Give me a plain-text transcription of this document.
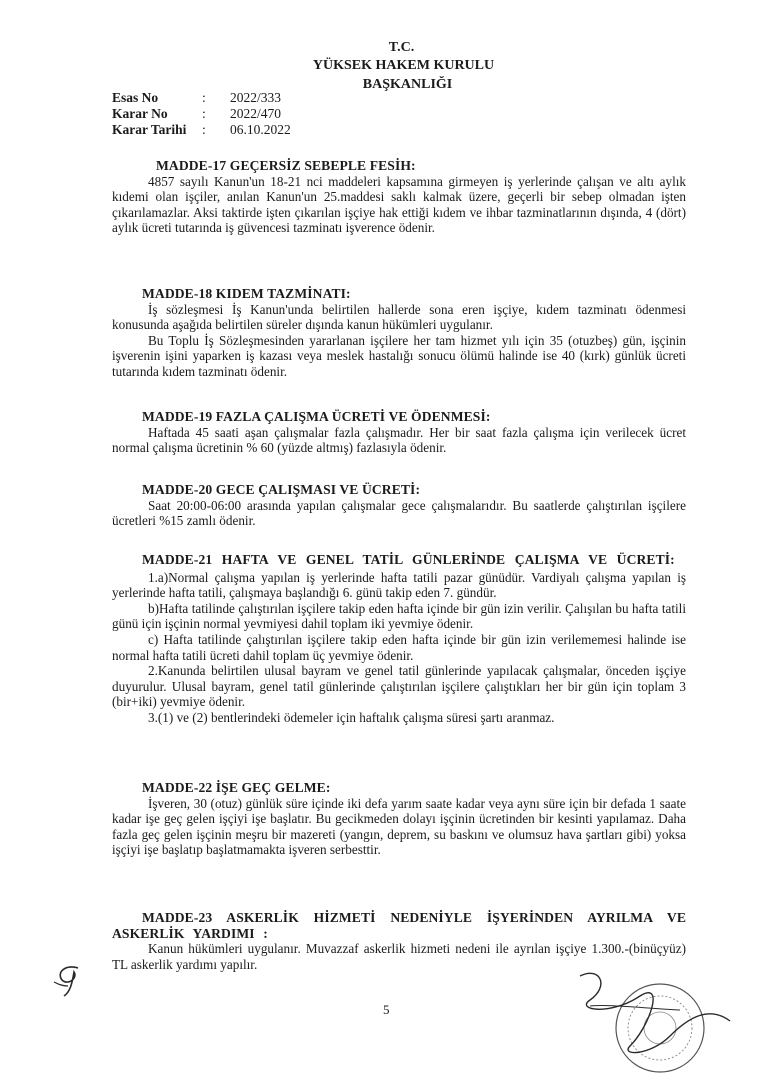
T.C.
YÜKSEK HAKEM KURULU
BAŞKANLIĞI
Esas No	:	2022/333
Karar No	:	2022/470
Karar Tarihi	:	06.10.2022
MADDE-17 GEÇERSİZ SEBEPLE FESİH:

4857 sayılı Kanun'un 18-21 nci maddeleri kapsamına girmeyen iş yerlerinde çalışan ve altı aylık kıdemi olan işçiler, anılan Kanun'un 25.maddesi saklı kalmak üzere, geçerli bir sebep olmadan işten çıkarılamazlar. Aksi taktirde işten çıkarılan işçiye hak ettiği kıdem ve ihbar tazminatlarının dışında, 4 (dört) aylık ücreti tutarında iş güvencesi tazminatı işverence ödenir.

MADDE-18 KIDEM TAZMİNATI:

İş sözleşmesi İş Kanun'unda belirtilen hallerde sona eren işçiye, kıdem tazminatı ödenmesi konusunda aşağıda belirtilen süreler dışında kanun hükümleri uygulanır.

Bu Toplu İş Sözleşmesinden yararlanan işçilere her tam hizmet yılı için 35 (otuzbeş) gün, işçinin işverenin işini yaparken iş kazası veya meslek hastalığı sonucu ölümü halinde ise 40 (kırk) günlük ücreti tutarında kıdem tazminatı ödenir.

MADDE-19 FAZLA ÇALIŞMA ÜCRETİ VE ÖDENMESİ:

Haftada 45 saati aşan çalışmalar fazla çalışmadır. Her bir saat fazla çalışma için verilecek ücret normal çalışma ücretinin % 60 (yüzde altmış) fazlasıyla ödenir.

MADDE-20 GECE ÇALIŞMASI VE ÜCRETİ:

Saat 20:00-06:00 arasında yapılan çalışmalar gece çalışmalarıdır. Bu saatlerde çalıştırılan işçilere ücretleri %15 zamlı ödenir.

MADDE-21 HAFTA VE GENEL TATİL GÜNLERİNDE ÇALIŞMA VE ÜCRETİ:

1.a)Normal çalışma yapılan iş yerlerinde hafta tatili pazar günüdür. Vardiyalı çalışma yapılan iş yerlerinde hafta tatili, çalışmaya başlandığı 6. günü takip eden 7. gündür.

b)Hafta tatilinde çalıştırılan işçilere takip eden hafta içinde bir gün izin verilir. Çalışılan bu hafta tatili günü için işçinin normal yevmiyesi dahil toplam iki yevmiye ödenir.

c) Hafta tatilinde çalıştırılan işçilere takip eden hafta içinde bir gün izin verilememesi halinde ise normal hafta tatili ücreti dahil toplam üç yevmiye ödenir.

2.Kanunda belirtilen ulusal bayram ve genel tatil günlerinde yapılacak çalışmalar, önceden işçiye duyurulur. Ulusal bayram, genel tatil günlerinde çalıştırılan işçilere çalıştıkları her bir gün için toplam 3 (bir+iki) yevmiye ödenir.

3.(1) ve (2) bentlerindeki ödemeler için haftalık çalışma süresi şartı aranmaz.

MADDE-22 İŞE GEÇ GELME:

İşveren, 30 (otuz) günlük süre içinde iki defa yarım saate kadar veya aynı süre için bir defada 1 saate kadar işe geç gelen işçiyi işe başlatır. Bu gecikmeden dolayı işçinin ücretinden bir kesinti yapılamaz. Daha fazla geç gelen işçinin meşru bir mazereti (yangın, deprem, su baskını ve olumsuz hava şartları gibi) yoksa işçiyi işe başlatıp başlatmamakta işveren serbesttir.

MADDE-23 ASKERLİK HİZMETİ NEDENİYLE İŞYERİNDEN AYRILMA VE ASKERLİK YARDIMI :

Kanun hükümleri uygulanır. Muvazzaf askerlik hizmeti nedeni ile ayrılan işçiye 1.300.-(binüçyüz) TL askerlik yardımı yapılır.

5
